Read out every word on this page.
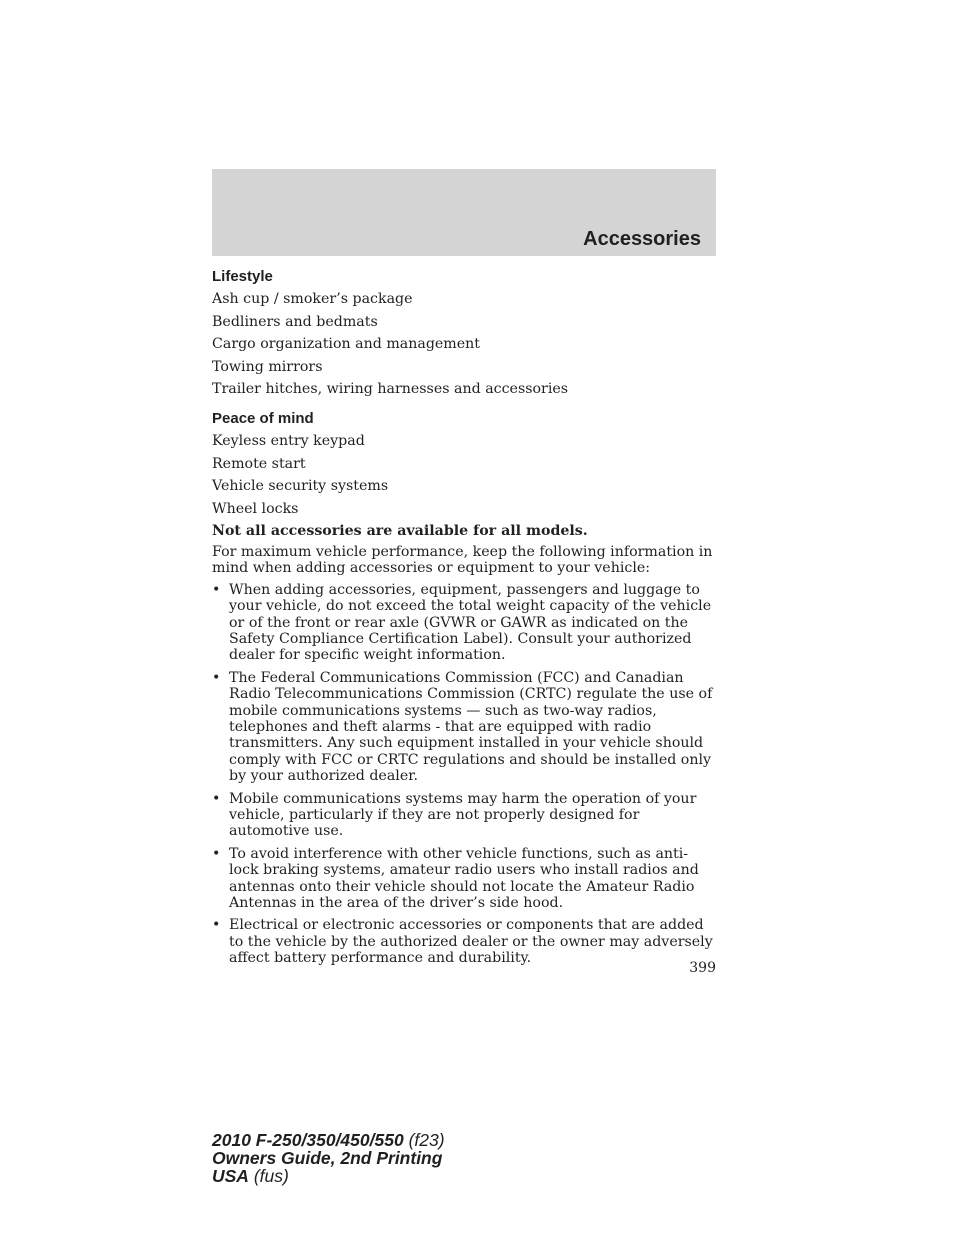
Accessories
Lifestyle

Ash cup / smoker’s package

Bedliners and bedmats

Cargo organization and management

Towing mirrors

Trailer hitches, wiring harnesses and accessories

Peace of mind

Keyless entry keypad

Remote start

Vehicle security systems

Wheel locks

Not all accessories are available for all models.

For maximum vehicle performance, keep the following information in mind when adding accessories or equipment to your vehicle:

• When adding accessories, equipment, passengers and luggage to your vehicle, do not exceed the total weight capacity of the vehicle or of the front or rear axle (GVWR or GAWR as indicated on the Safety Compliance Certification Label). Consult your authorized dealer for specific weight information.
• The Federal Communications Commission (FCC) and Canadian Radio Telecommunications Commission (CRTC) regulate the use of mobile communications systems — such as two-way radios, telephones and theft alarms - that are equipped with radio transmitters. Any such equipment installed in your vehicle should comply with FCC or CRTC regulations and should be installed only by your authorized dealer.
• Mobile communications systems may harm the operation of your vehicle, particularly if they are not properly designed for automotive use.
• To avoid interference with other vehicle functions, such as anti-lock braking systems, amateur radio users who install radios and antennas onto their vehicle should not locate the Amateur Radio Antennas in the area of the driver’s side hood.
• Electrical or electronic accessories or components that are added to the vehicle by the authorized dealer or the owner may adversely affect battery performance and durability.
399
2010 F-250/350/450/550 (f23)
Owners Guide, 2nd Printing
USA (fus)
